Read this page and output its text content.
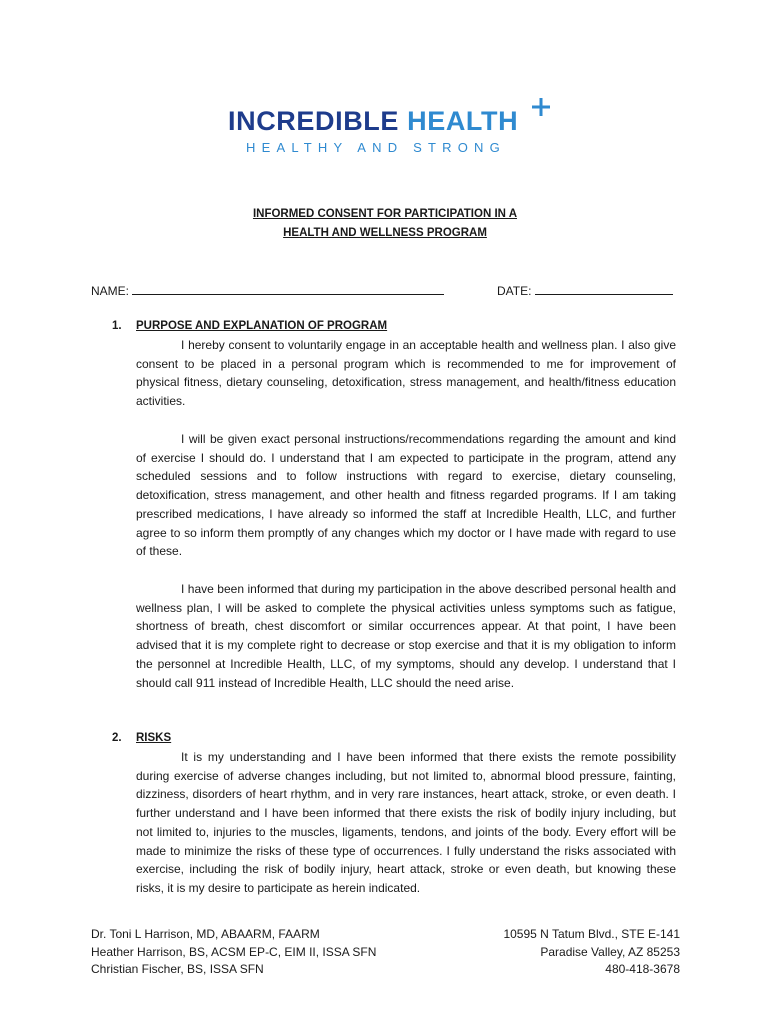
INCREDIBLE HEALTH
HEALTHY AND STRONG
INFORMED CONSENT FOR PARTICIPATION IN A
HEALTH AND WELLNESS PROGRAM
NAME:	DATE:
1. PURPOSE AND EXPLANATION OF PROGRAM

I hereby consent to voluntarily engage in an acceptable health and wellness plan. I also give consent to be placed in a personal program which is recommended to me for improvement of physical fitness, dietary counseling, detoxification, stress management, and health/fitness education activities.

I will be given exact personal instructions/recommendations regarding the amount and kind of exercise I should do. I understand that I am expected to participate in the program, attend any scheduled sessions and to follow instructions with regard to exercise, dietary counseling, detoxification, stress management, and other health and fitness regarded programs. If I am taking prescribed medications, I have already so informed the staff at Incredible Health, LLC, and further agree to so inform them promptly of any changes which my doctor or I have made with regard to use of these.

I have been informed that during my participation in the above described personal health and wellness plan, I will be asked to complete the physical activities unless symptoms such as fatigue, shortness of breath, chest discomfort or similar occurrences appear. At that point, I have been advised that it is my complete right to decrease or stop exercise and that it is my obligation to inform the personnel at Incredible Health, LLC, of my symptoms, should any develop. I understand that I should call 911 instead of Incredible Health, LLC should the need arise.

2. RISKS

It is my understanding and I have been informed that there exists the remote possibility during exercise of adverse changes including, but not limited to, abnormal blood pressure, fainting, dizziness, disorders of heart rhythm, and in very rare instances, heart attack, stroke, or even death. I further understand and I have been informed that there exists the risk of bodily injury including, but not limited to, injuries to the muscles, ligaments, tendons, and joints of the body. Every effort will be made to minimize the risks of these type of occurrences. I fully understand the risks associated with exercise, including the risk of bodily injury, heart attack, stroke or even death, but knowing these risks, it is my desire to participate as herein indicated.

Dr. Toni L Harrison, MD, ABAARM, FAARM
Heather Harrison, BS, ACSM EP-C, EIM II, ISSA SFN
Christian Fischer, BS, ISSA SFN
10595 N Tatum Blvd., STE E-141
Paradise Valley, AZ 85253
480-418-3678
